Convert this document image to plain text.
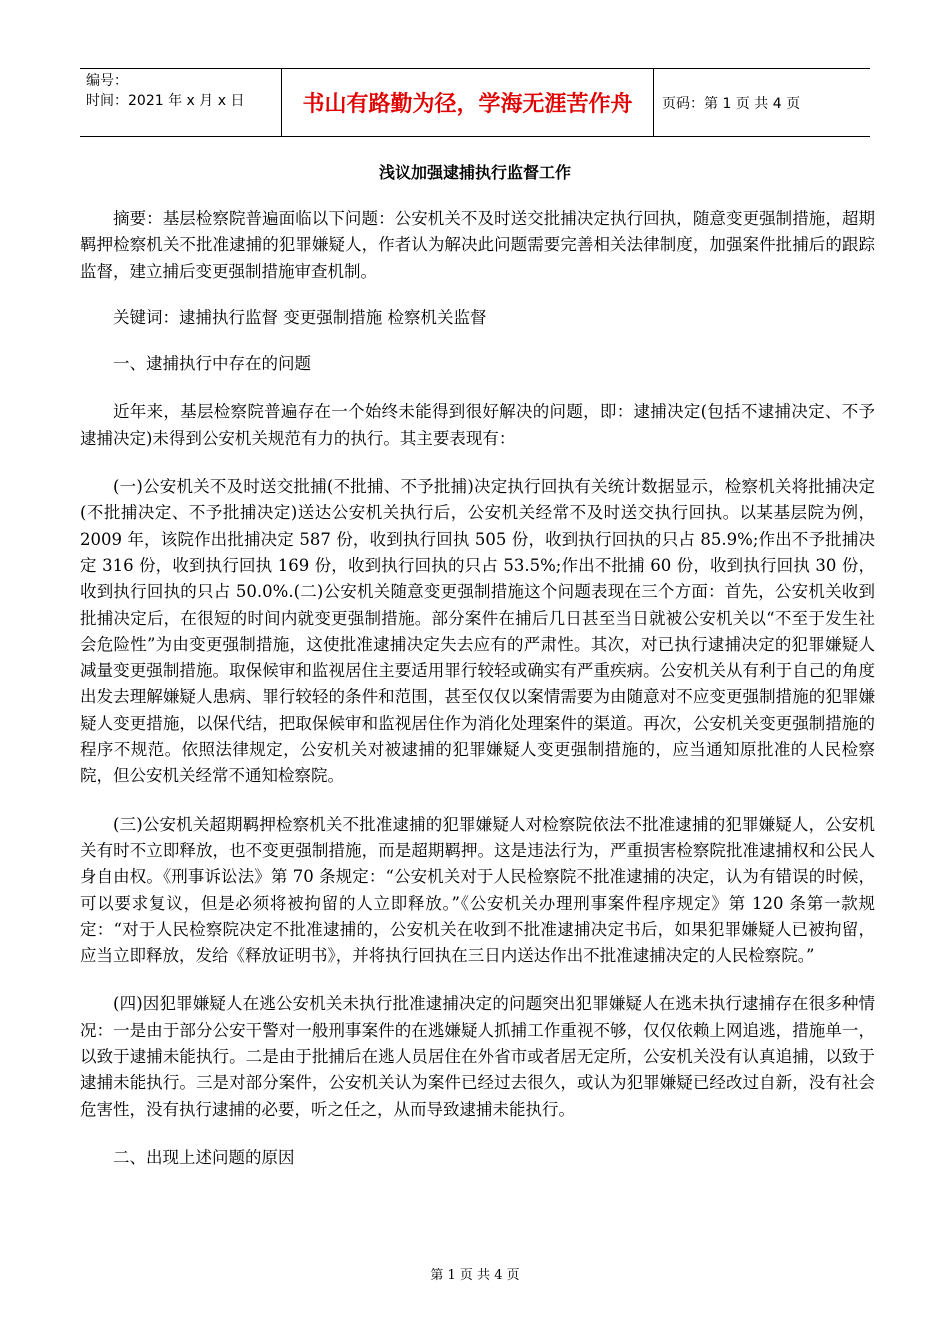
编号：
时间：2021 年 x 月 x 日	书山有路勤为径，学海无涯苦作舟	页码：第 1 页 共 4 页
浅议加强逮捕执行监督工作

摘要：基层检察院普遍面临以下问题：公安机关不及时送交批捕决定执行回执，随意变更强制措施，超期羁押检察机关不批准逮捕的犯罪嫌疑人，作者认为解决此问题需要完善相关法律制度，加强案件批捕后的跟踪监督，建立捕后变更强制措施审查机制。

关键词：逮捕执行监督 变更强制措施 检察机关监督

一、逮捕执行中存在的问题

近年来，基层检察院普遍存在一个始终未能得到很好解决的问题，即：逮捕决定(包括不逮捕决定、不予逮捕决定)未得到公安机关规范有力的执行。其主要表现有：

(一)公安机关不及时送交批捕(不批捕、不予批捕)决定执行回执有关统计数据显示，检察机关将批捕决定(不批捕决定、不予批捕决定)送达公安机关执行后，公安机关经常不及时送交执行回执。以某基层院为例，2009 年，该院作出批捕决定 587 份，收到执行回执 505 份，收到执行回执的只占 85.9%;作出不予批捕决定 316 份，收到执行回执 169 份，收到执行回执的只占 53.5%;作出不批捕 60 份，收到执行回执 30 份，收到执行回执的只占 50.0%.(二)公安机关随意变更强制措施这个问题表现在三个方面：首先，公安机关收到批捕决定后，在很短的时间内就变更强制措施。部分案件在捕后几日甚至当日就被公安机关以“不至于发生社会危险性”为由变更强制措施，这使批准逮捕决定失去应有的严肃性。其次，对已执行逮捕决定的犯罪嫌疑人减量变更强制措施。取保候审和监视居住主要适用罪行较轻或确实有严重疾病。公安机关从有利于自己的角度出发去理解嫌疑人患病、罪行较轻的条件和范围，甚至仅仅以案情需要为由随意对不应变更强制措施的犯罪嫌疑人变更措施，以保代结，把取保候审和监视居住作为消化处理案件的渠道。再次，公安机关变更强制措施的程序不规范。依照法律规定，公安机关对被逮捕的犯罪嫌疑人变更强制措施的，应当通知原批准的人民检察院，但公安机关经常不通知检察院。

(三)公安机关超期羁押检察机关不批准逮捕的犯罪嫌疑人对检察院依法不批准逮捕的犯罪嫌疑人，公安机关有时不立即释放，也不变更强制措施，而是超期羁押。这是违法行为，严重损害检察院批准逮捕权和公民人身自由权。《刑事诉讼法》第 70 条规定：“公安机关对于人民检察院不批准逮捕的决定，认为有错误的时候，可以要求复议，但是必须将被拘留的人立即释放。”《公安机关办理刑事案件程序规定》第 120 条第一款规定：“对于人民检察院决定不批准逮捕的，公安机关在收到不批准逮捕决定书后，如果犯罪嫌疑人已被拘留，应当立即释放，发给《释放证明书》，并将执行回执在三日内送达作出不批准逮捕决定的人民检察院。”

(四)因犯罪嫌疑人在逃公安机关未执行批准逮捕决定的问题突出犯罪嫌疑人在逃未执行逮捕存在很多种情况：一是由于部分公安干警对一般刑事案件的在逃嫌疑人抓捕工作重视不够，仅仅依赖上网追逃，措施单一，以致于逮捕未能执行。二是由于批捕后在逃人员居住在外省市或者居无定所，公安机关没有认真追捕，以致于逮捕未能执行。三是对部分案件，公安机关认为案件已经过去很久，或认为犯罪嫌疑已经改过自新，没有社会危害性，没有执行逮捕的必要，听之任之，从而导致逮捕未能执行。

二、出现上述问题的原因

第 1 页 共 4 页
